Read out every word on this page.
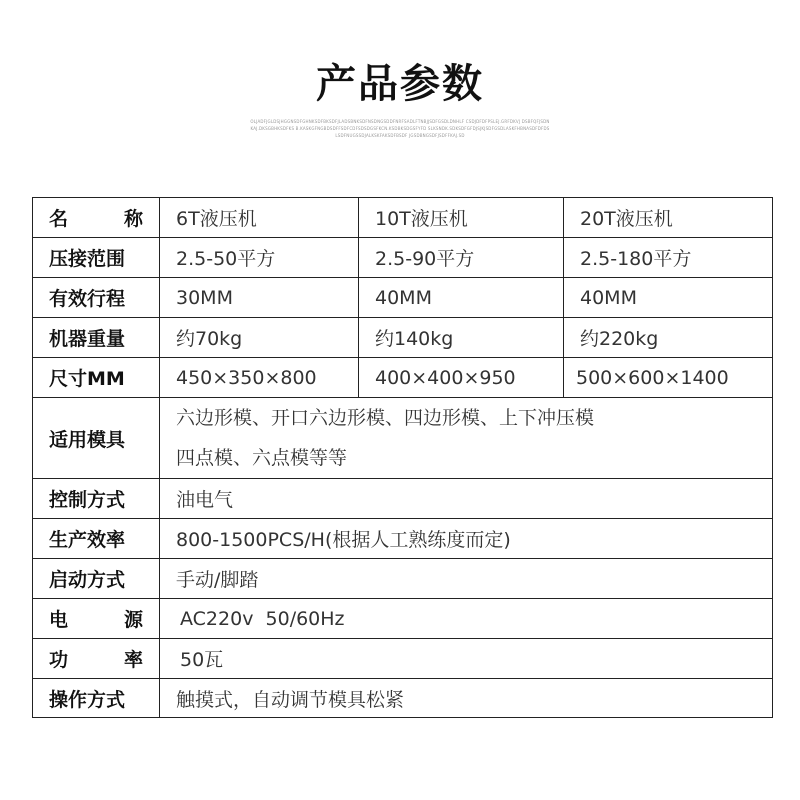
产品参数
OLJADFJGLDSJHGGNSDFGHNKSDFBKSDFJLADSBNKSDFNSDNGSDDFNRFSADLFTNBJJSDFGSDLDNHLF CSDJDFDFPSLEJ.GRFDKVJ DSBFQFJSDNKAJ.DKSGBHKSDFKS B.KASKGFNGBDSDFFSDFCDFSDSDGSFKCN.KSDBKSDGSFYFD SLKSNDK.SDKSDFGFDJSJKJSDFGSDLASKFHBNASDFDFDSLSDFNUGSSDJALKSKFAKSDFBSDF JGSDBNGSDFJSDFFKAJ.SD
名称	6T液压机	10T液压机	20T液压机
压接范围	2.5-50平方	2.5-90平方	2.5-180平方
有效行程	30MM	40MM	40MM
机器重量	约70kg	约140kg	约220kg
尺寸MM	450×350×800	400×400×950	500×600×1400
适用模具	六边形模、开口六边形模、四边形模、上下冲压模
四点模、六点模等等		

控制方式	油电气		
生产效率	800-1500PCS/H(根据人工熟练度而定)		
启动方式	手动/脚踏		
电源	AC220v  50/60Hz		
功率	50瓦		
操作方式	触摸式，自动调节模具松紧		
